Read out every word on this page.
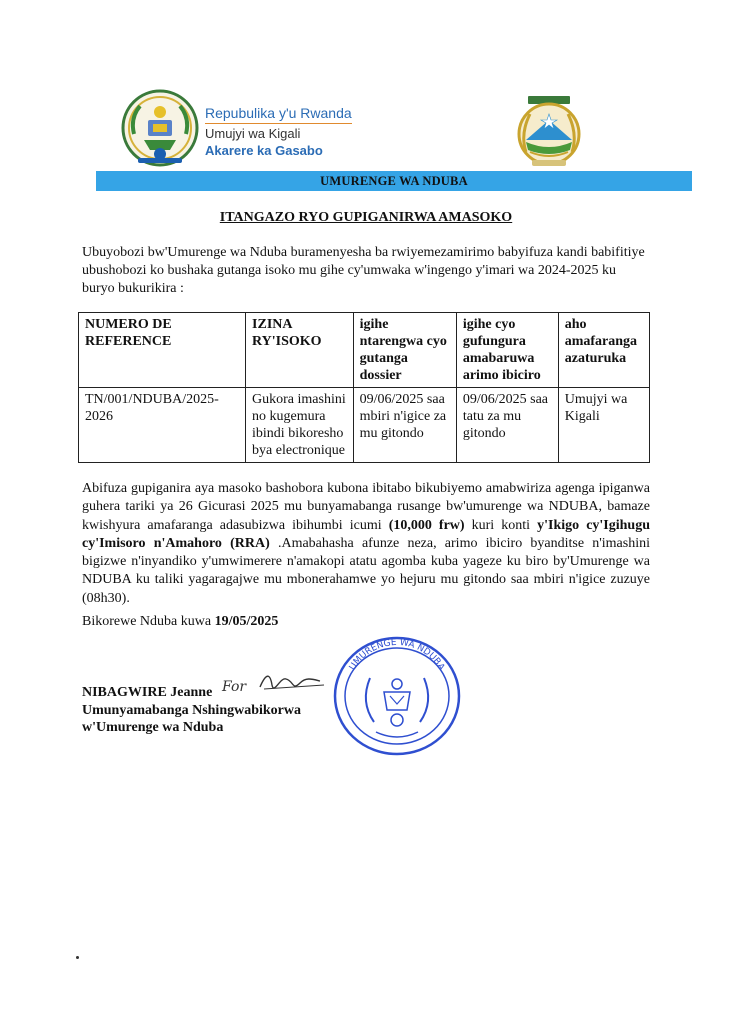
Repubulika y'u Rwanda
Umujyi wa Kigali
Akarere ka Gasabo
UMURENGE WA NDUBA
ITANGAZO RYO GUPIGANIRWA AMASOKO
Ubuyobozi bw'Umurenge wa Nduba buramenyesha ba rwiyemezamirimo babyifuza kandi babifitiye ubushobozi ko bushaka gutanga isoko mu gihe cy'umwaka w'ingengo y'imari wa 2024-2025 ku buryo bukurikira :
NUMERO DE REFERENCE	IZINA RY'ISOKO	igihe ntarengwa cyo gutanga dossier	igihe cyo gufungura amabaruwa arimo ibiciro	aho amafaranga azaturuka
TN/001/NDUBA/2025-2026	Gukora imashini no kugemura ibindi bikoresho bya electronique	09/06/2025 saa mbiri n'igice za mu gitondo	09/06/2025 saa tatu za mu gitondo	Umujyi wa Kigali
Abifuza gupiganira aya masoko bashobora kubona ibitabo bikubiyemo amabwiriza agenga ipiganwa guhera tariki ya 26 Gicurasi 2025 mu bunyamabanga rusange bw'umurenge wa NDUBA, bamaze kwishyura amafaranga adasubizwa ibihumbi icumi (10,000 frw) kuri konti y'Ikigo cy'Igihugu cy'Imisoro n'Amahoro (RRA) .Amabahasha afunze neza, arimo ibiciro byanditse n'imashini bigizwe n'inyandiko y'umwimerere n'amakopi atatu agomba kuba yageze ku biro by'Umurenge wa NDUBA ku taliki yagaragajwe mu mbonerahamwe yo hejuru mu gitondo saa mbiri n'igice zuzuye (08h30).
Bikorewe Nduba kuwa 19/05/2025
NIBAGWIRE Jeanne
Umunyamabanga Nshingwabikorwa
w'Umurenge wa Nduba
For
UMURENGE WA NDUBA
